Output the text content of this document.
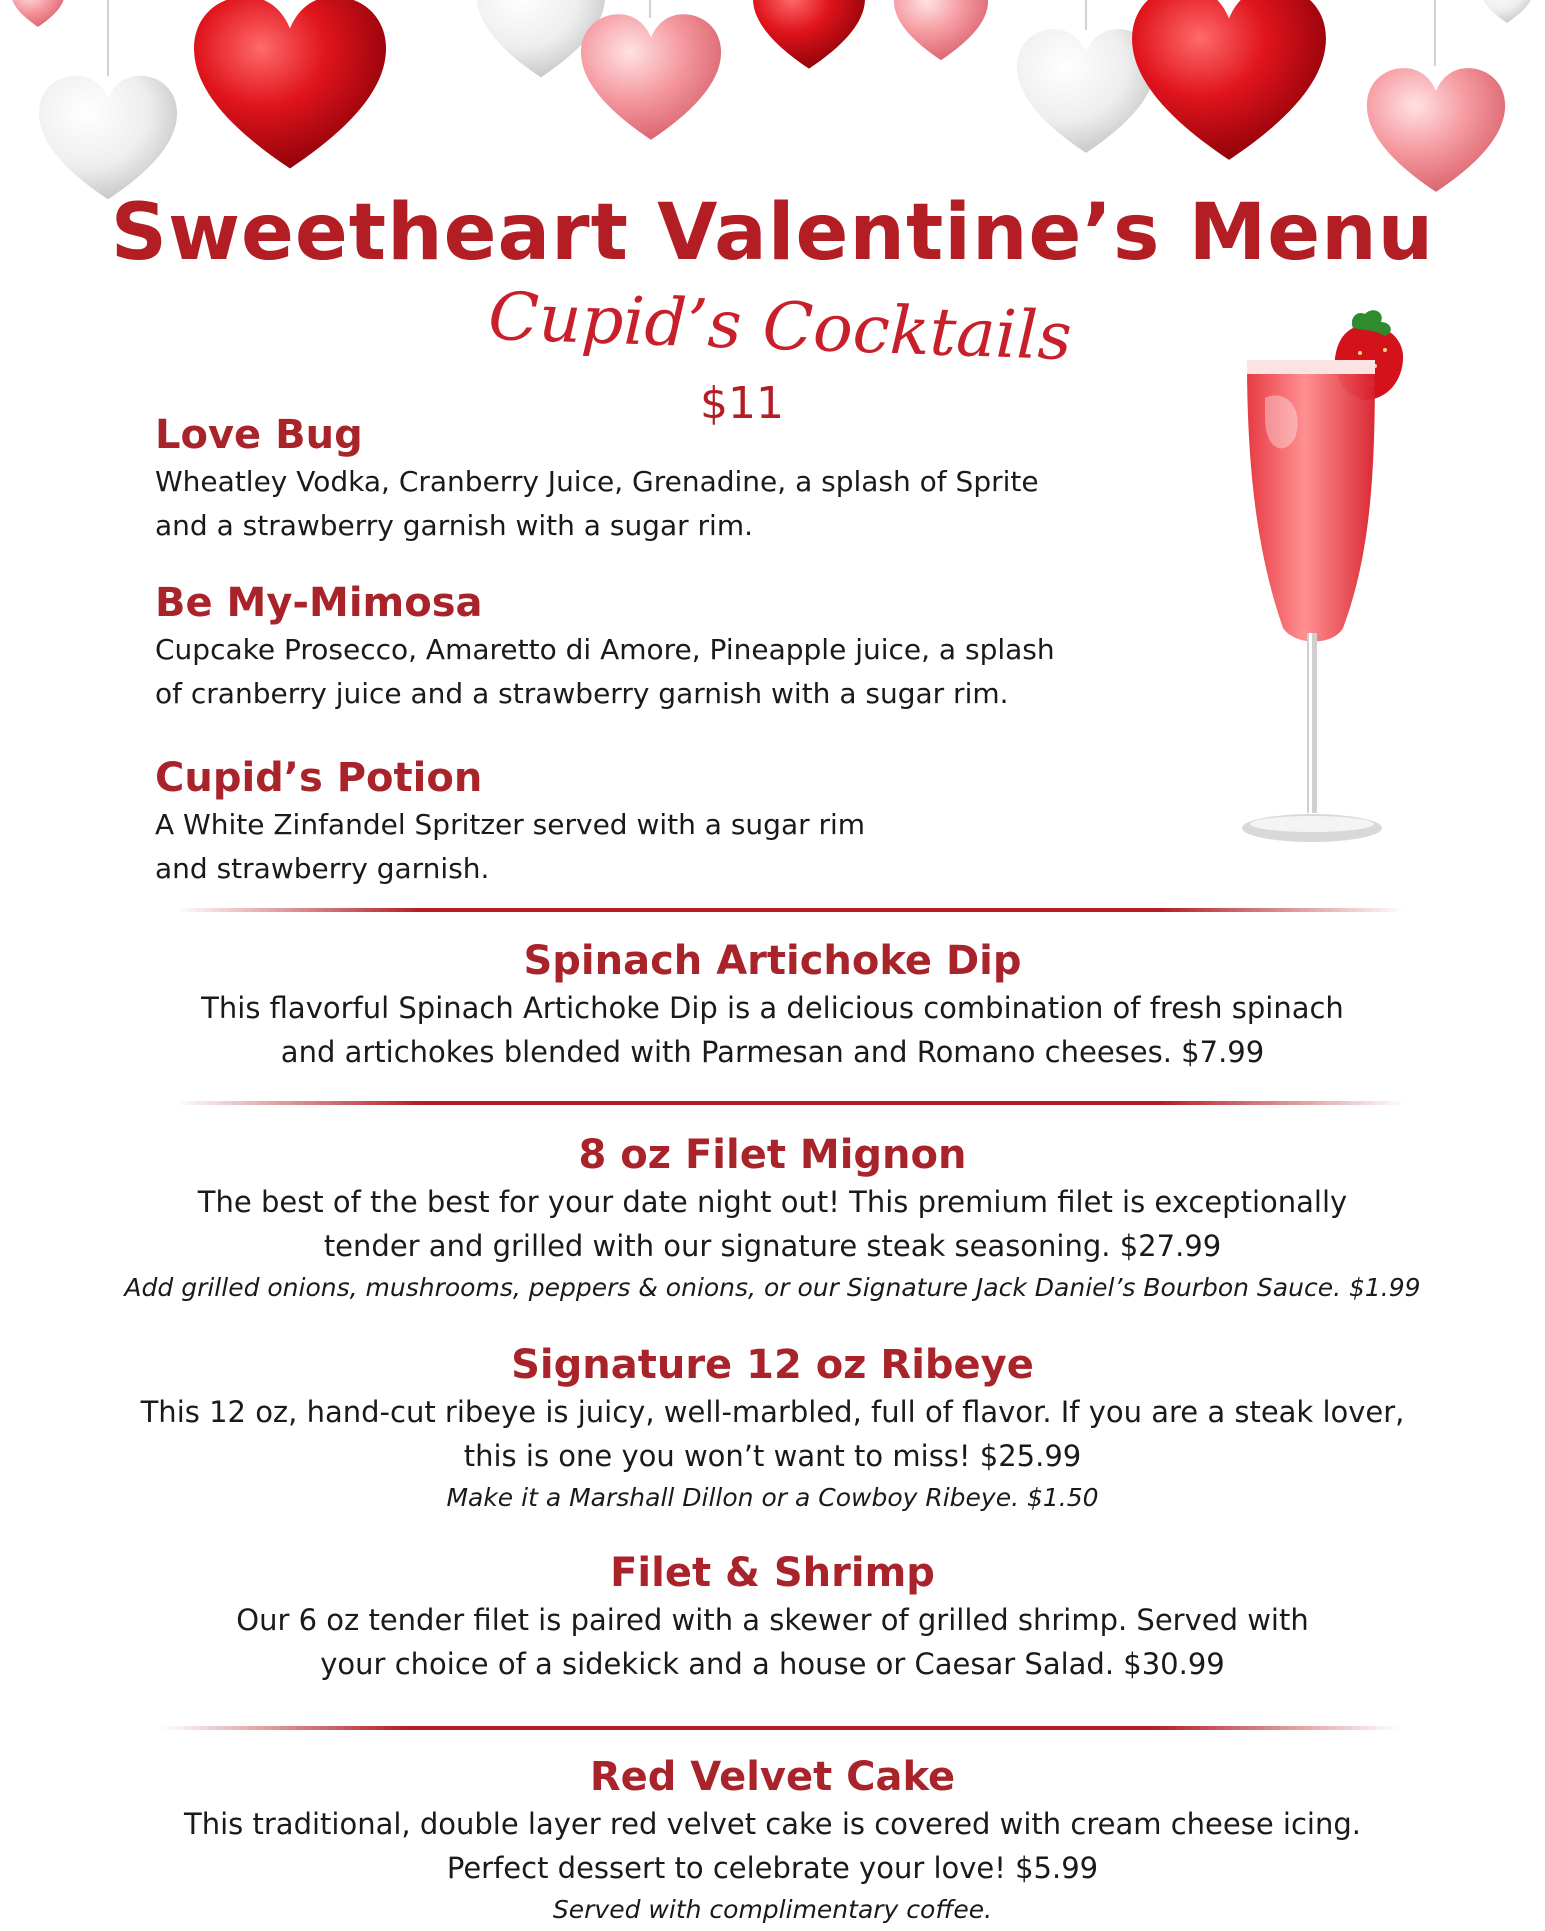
Sweetheart Valentine’s Menu
Cupid’s Cocktails
$11
Love Bug
Wheatley Vodka, Cranberry Juice, Grenadine, a splash of Sprite
and a strawberry garnish with a sugar rim.
Be My-Mimosa
Cupcake Prosecco, Amaretto di Amore, Pineapple juice, a splash
of cranberry juice and a strawberry garnish with a sugar rim.
Cupid’s Potion
A White Zinfandel Spritzer served with a sugar rim
and strawberry garnish.
Spinach Artichoke Dip
This flavorful Spinach Artichoke Dip is a delicious combination of fresh spinach
and artichokes blended with Parmesan and Romano cheeses. $7.99
8 oz Filet Mignon
The best of the best for your date night out! This premium filet is exceptionally
tender and grilled with our signature steak seasoning. $27.99
Add grilled onions, mushrooms, peppers & onions, or our Signature Jack Daniel’s Bourbon Sauce. $1.99
Signature 12 oz Ribeye
This 12 oz, hand-cut ribeye is juicy, well-marbled, full of flavor. If you are a steak lover,
this is one you won’t want to miss! $25.99
Make it a Marshall Dillon or a Cowboy Ribeye. $1.50
Filet & Shrimp
Our 6 oz tender filet is paired with a skewer of grilled shrimp. Served with
your choice of a sidekick and a house or Caesar Salad. $30.99
Red Velvet Cake
This traditional, double layer red velvet cake is covered with cream cheese icing.
Perfect dessert to celebrate your love! $5.99
Served with complimentary coffee.
